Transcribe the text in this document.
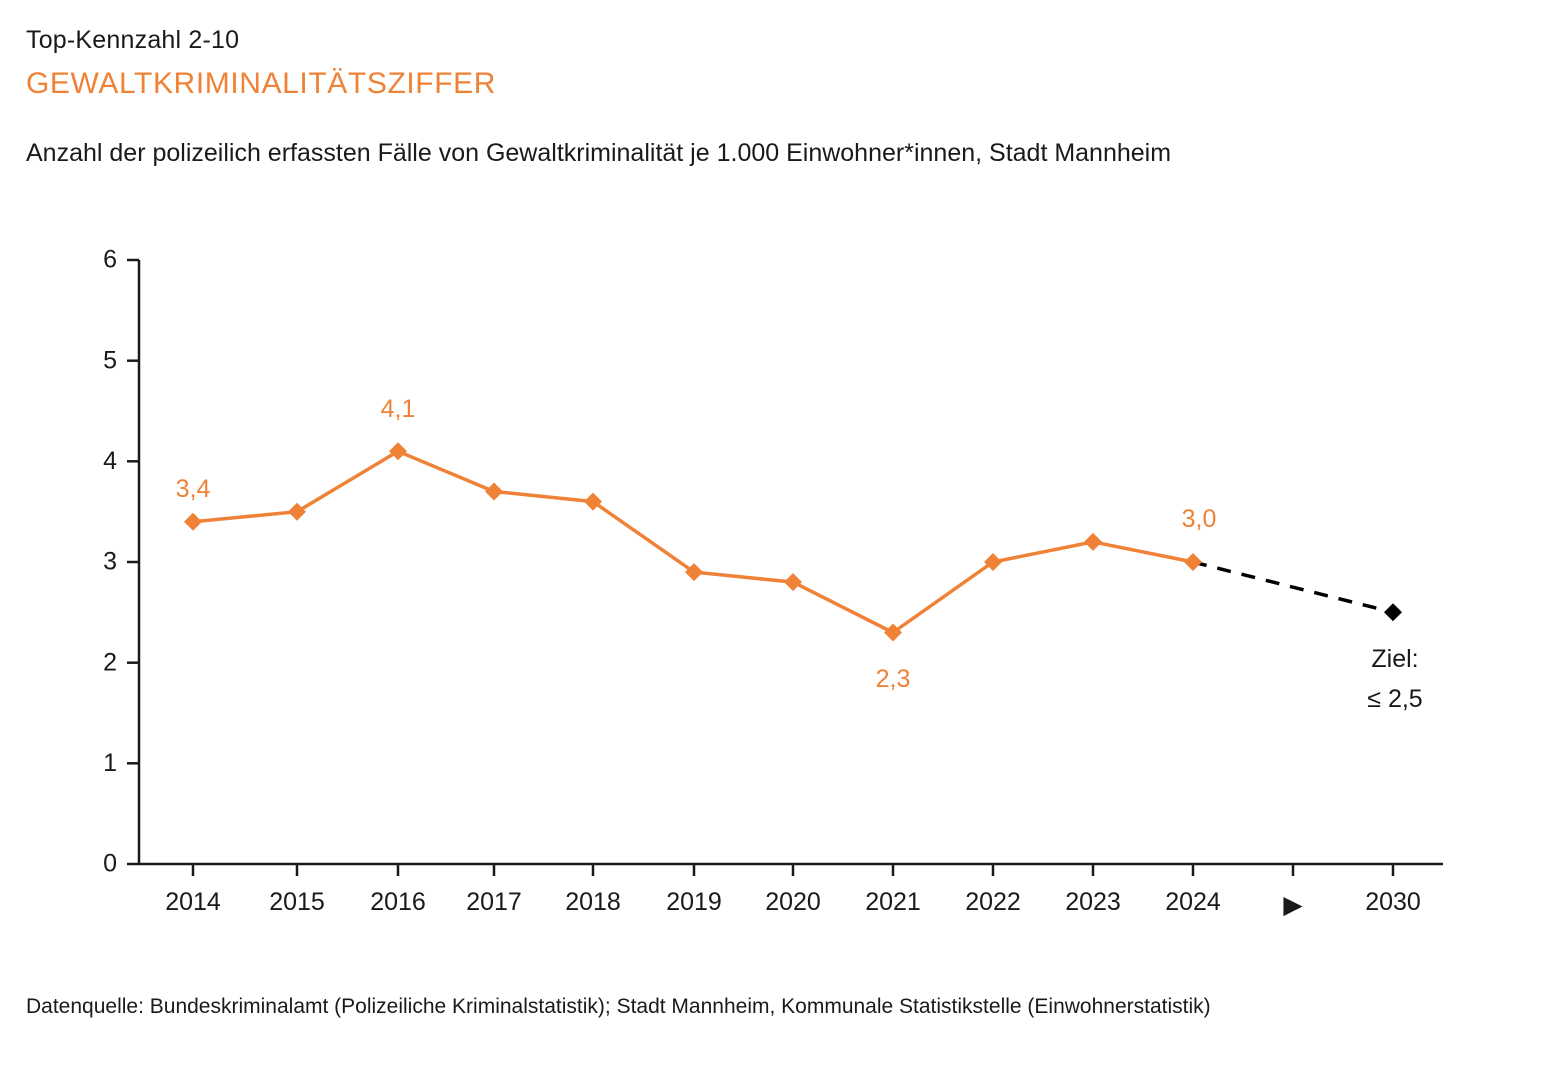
Top-Kennzahl 2-10
GEWALTKRIMINALITÄTSZIFFER
Anzahl der polizeilich erfassten Fälle von Gewaltkriminalität je 1.000 Einwohner*innen, Stadt Mannheim
6
5
4
3
2
1
0
2014 2015 2016 2017 2018 2019 2020 2021 2022 2023 2024	▶	2030
3,4
4,1
2,3
3,0
Ziel:
≤ 2,5
Datenquelle: Bundeskriminalamt (Polizeiliche Kriminalstatistik); Stadt Mannheim, Kommunale Statistikstelle (Einwohnerstatistik)
